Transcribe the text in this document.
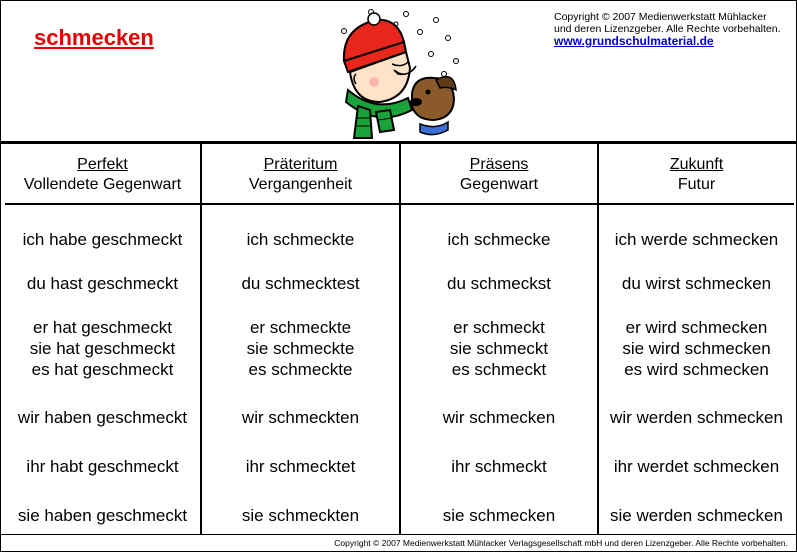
schmecken
Copyright © 2007 Medienwerkstatt Mühlacker
und deren Lizenzgeber. Alle Rechte vorbehalten.
www.grundschulmaterial.de
Perfekt
Vollendete Gegenwart
ich habe geschmeckt
du hast geschmeckt
er hat geschmeckt
sie hat geschmeckt
es hat geschmeckt
wir haben geschmeckt
ihr habt geschmeckt
sie haben geschmeckt
Präteritum
Vergangenheit
ich schmeckte
du schmecktest
er schmeckte
sie schmeckte
es schmeckte
wir schmeckten
ihr schmecktet
sie schmeckten
Präsens
Gegenwart
ich schmecke
du schmeckst
er schmeckt
sie schmeckt
es schmeckt
wir schmecken
ihr schmeckt
sie schmecken
Zukunft
Futur
ich werde schmecken
du wirst schmecken
er wird schmecken
sie wird schmecken
es wird schmecken
wir werden schmecken
ihr werdet schmecken
sie werden schmecken
Copyright © 2007 Medienwerkstatt Mühlacker Verlagsgesellschaft mbH und deren Lizenzgeber. Alle Rechte vorbehalten.
